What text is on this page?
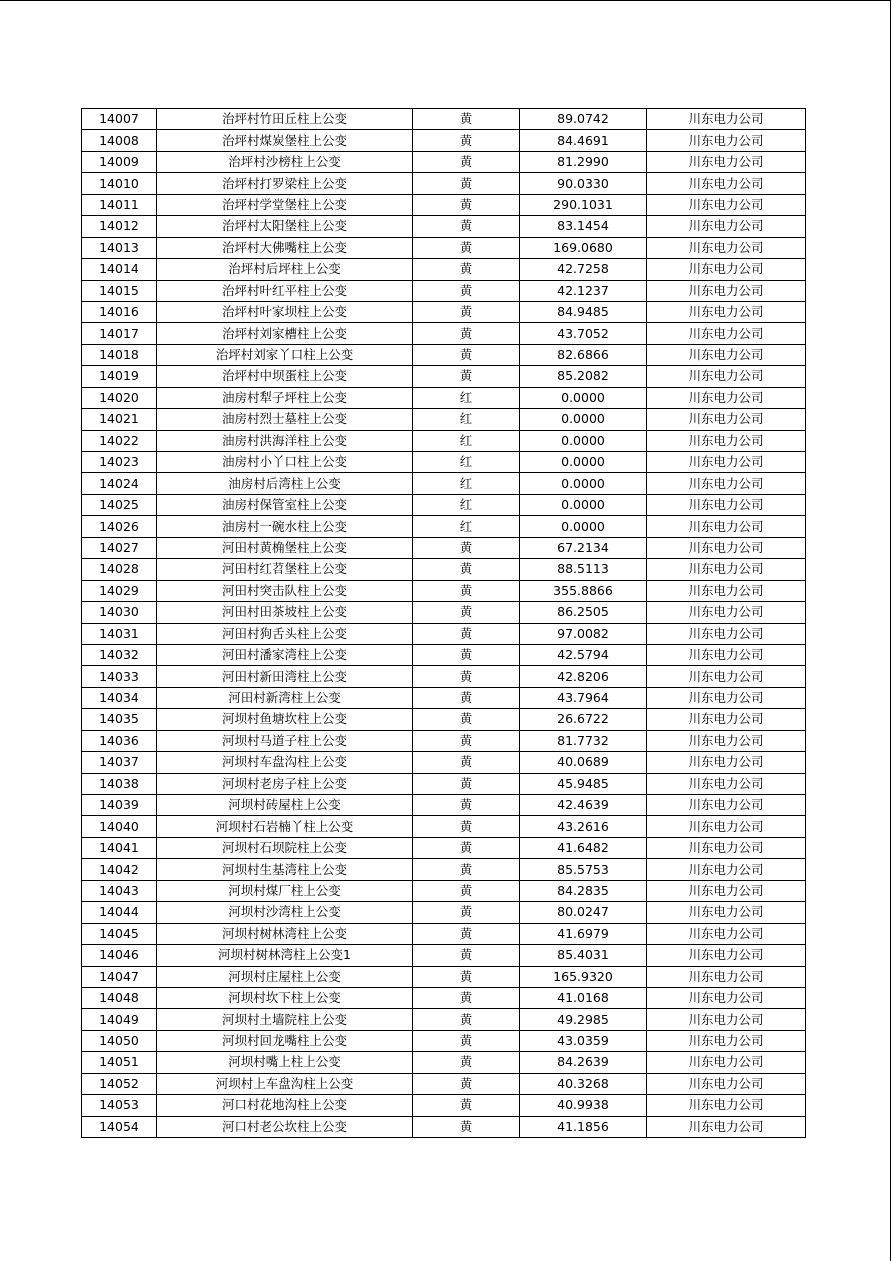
14007	治坪村竹田丘柱上公变	黄	89.0742	川东电力公司
14008	治坪村煤炭堡柱上公变	黄	84.4691	川东电力公司
14009	治坪村沙榜柱上公变	黄	81.2990	川东电力公司
14010	治坪村打罗梁柱上公变	黄	90.0330	川东电力公司
14011	治坪村学堂堡柱上公变	黄	290.1031	川东电力公司
14012	治坪村太阳堡柱上公变	黄	83.1454	川东电力公司
14013	治坪村大佛嘴柱上公变	黄	169.0680	川东电力公司
14014	治坪村后坪柱上公变	黄	42.7258	川东电力公司
14015	治坪村叶红平柱上公变	黄	42.1237	川东电力公司
14016	治坪村叶家坝柱上公变	黄	84.9485	川东电力公司
14017	治坪村刘家槽柱上公变	黄	43.7052	川东电力公司
14018	治坪村刘家丫口柱上公变	黄	82.6866	川东电力公司
14019	治坪村中坝蛋柱上公变	黄	85.2082	川东电力公司
14020	油房村犁子坪柱上公变	红	0.0000	川东电力公司
14021	油房村烈士墓柱上公变	红	0.0000	川东电力公司
14022	油房村洪海洋柱上公变	红	0.0000	川东电力公司
14023	油房村小丫口柱上公变	红	0.0000	川东电力公司
14024	油房村后湾柱上公变	红	0.0000	川东电力公司
14025	油房村保管室柱上公变	红	0.0000	川东电力公司
14026	油房村一碗水柱上公变	红	0.0000	川东电力公司
14027	河田村黄桷堡柱上公变	黄	67.2134	川东电力公司
14028	河田村红苕堡柱上公变	黄	88.5113	川东电力公司
14029	河田村突击队柱上公变	黄	355.8866	川东电力公司
14030	河田村田茶坡柱上公变	黄	86.2505	川东电力公司
14031	河田村狗舌头柱上公变	黄	97.0082	川东电力公司
14032	河田村潘家湾柱上公变	黄	42.5794	川东电力公司
14033	河田村新田湾柱上公变	黄	42.8206	川东电力公司
14034	河田村新湾柱上公变	黄	43.7964	川东电力公司
14035	河坝村鱼塘坎柱上公变	黄	26.6722	川东电力公司
14036	河坝村马道子柱上公变	黄	81.7732	川东电力公司
14037	河坝村车盘沟柱上公变	黄	40.0689	川东电力公司
14038	河坝村老房子柱上公变	黄	45.9485	川东电力公司
14039	河坝村砖屋柱上公变	黄	42.4639	川东电力公司
14040	河坝村石岩楠丫柱上公变	黄	43.2616	川东电力公司
14041	河坝村石坝院柱上公变	黄	41.6482	川东电力公司
14042	河坝村生基湾柱上公变	黄	85.5753	川东电力公司
14043	河坝村煤厂柱上公变	黄	84.2835	川东电力公司
14044	河坝村沙湾柱上公变	黄	80.0247	川东电力公司
14045	河坝村树林湾柱上公变	黄	41.6979	川东电力公司
14046	河坝村树林湾柱上公变1	黄	85.4031	川东电力公司
14047	河坝村庄屋柱上公变	黄	165.9320	川东电力公司
14048	河坝村坎下柱上公变	黄	41.0168	川东电力公司
14049	河坝村土墙院柱上公变	黄	49.2985	川东电力公司
14050	河坝村回龙嘴柱上公变	黄	43.0359	川东电力公司
14051	河坝村嘴上柱上公变	黄	84.2639	川东电力公司
14052	河坝村上车盘沟柱上公变	黄	40.3268	川东电力公司
14053	河口村花地沟柱上公变	黄	40.9938	川东电力公司
14054	河口村老公坎柱上公变	黄	41.1856	川东电力公司
